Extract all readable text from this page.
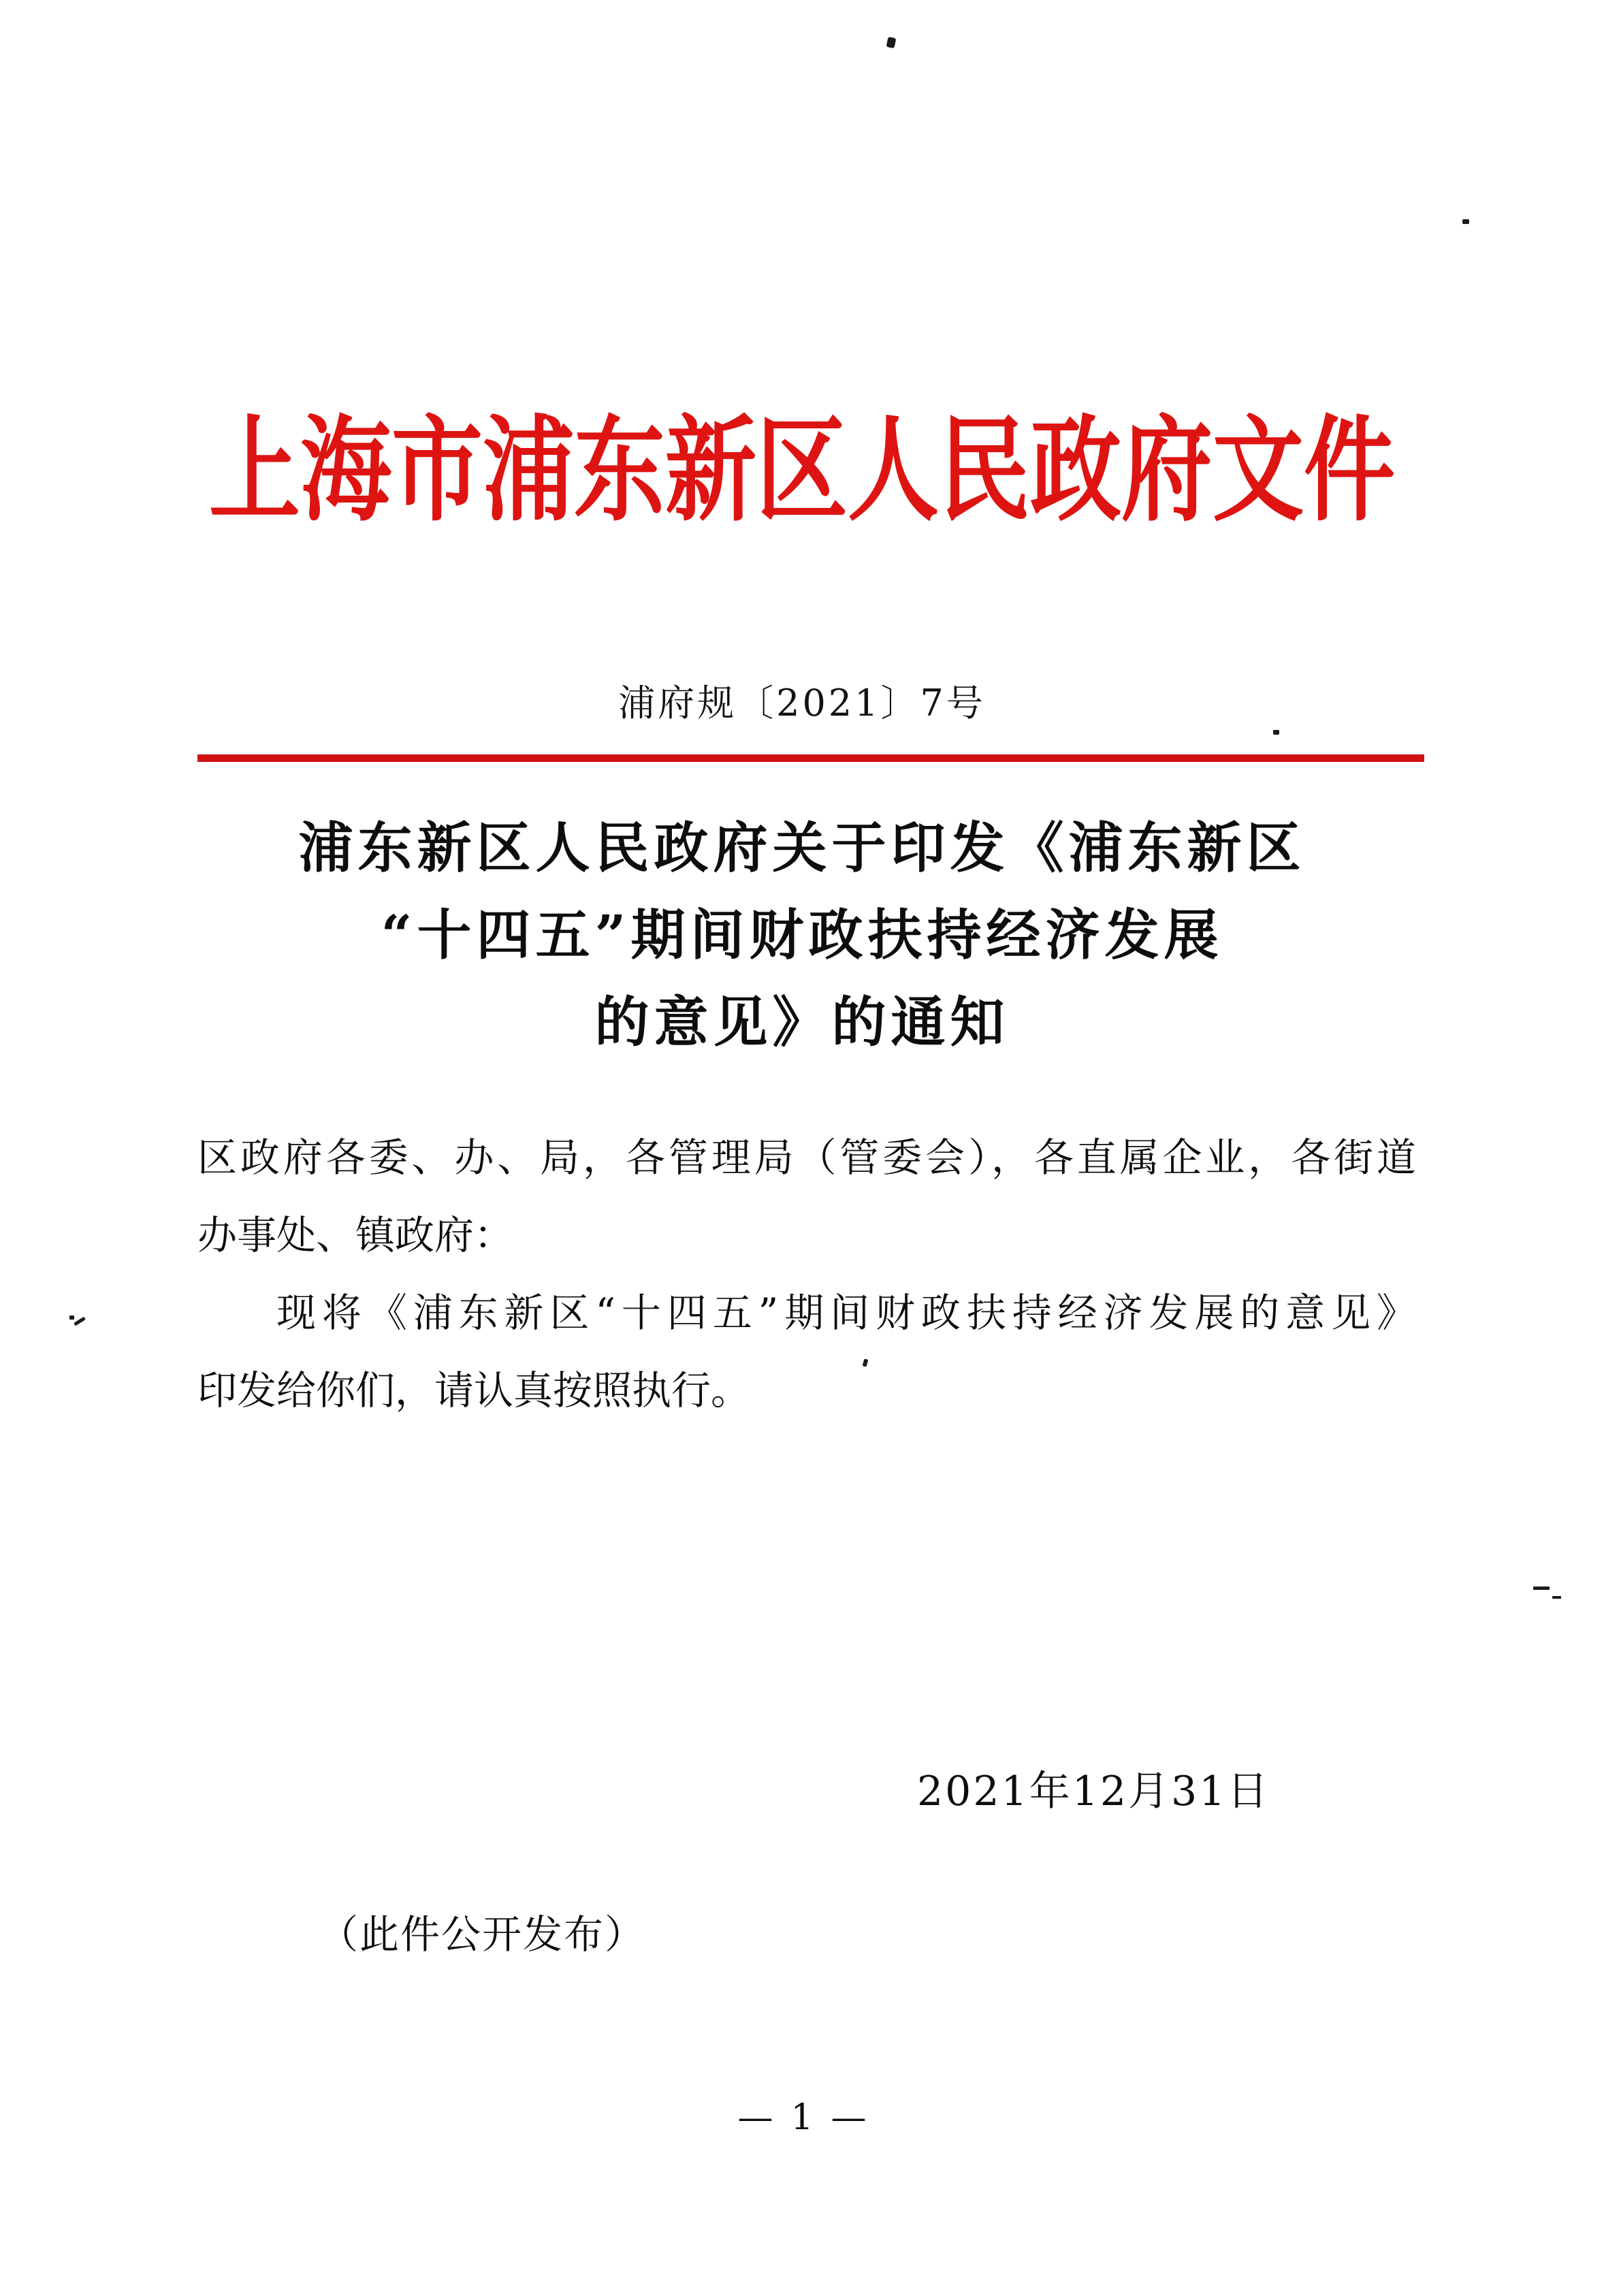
上海市浦东新区人民政府文件
浦府规〔2021〕7号
浦东新区人民政府关于印发《浦东新区
“十四五”期间财政扶持经济发展
的意见》的通知
区政府各委、办、局，各管理局（管委会），各直属企业，各街道
办事处、镇政府：
现将《浦东新区“十四五”期间财政扶持经济发展的意见》
印发给你们，请认真按照执行。
2021年12月31日
（此件公开发布）
— 1 —
